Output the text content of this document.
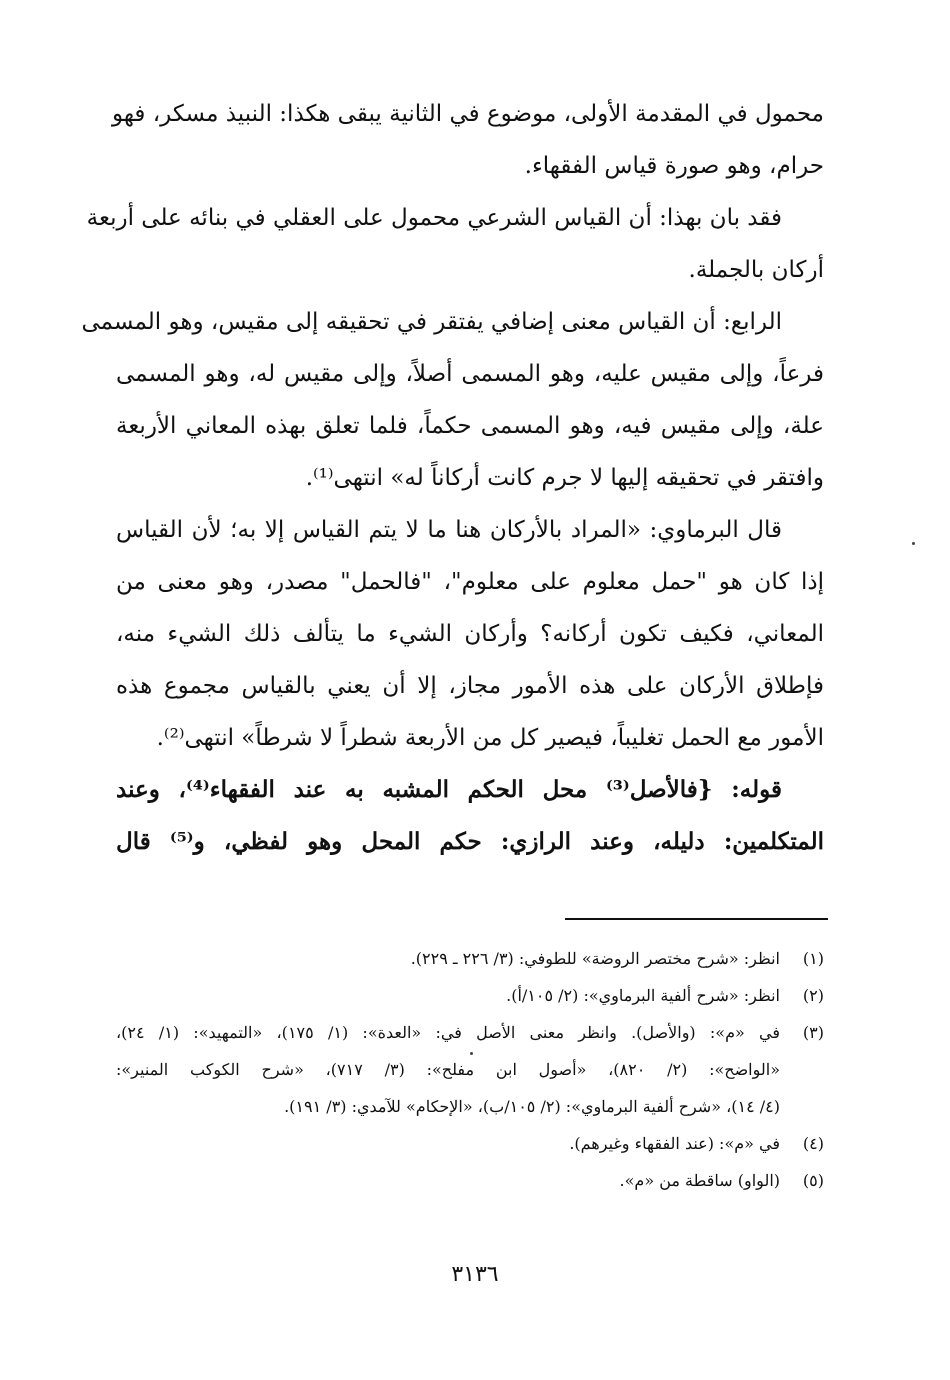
محمول في المقدمة الأولى، موضوع في الثانية يبقى هكذا: النبيذ مسكر، فهو
حرام، وهو صورة قياس الفقهاء.
فقد بان بهذا: أن القياس الشرعي محمول على العقلي في بنائه على أربعة
أركان بالجملة.
الرابع: أن القياس معنى إضافي يفتقر في تحقيقه إلى مقيس، وهو المسمى
فرعاً، وإلى مقيس عليه، وهو المسمى أصلاً، وإلى مقيس له، وهو المسمى
علة، وإلى مقيس فيه، وهو المسمى حكماً، فلما تعلق بهذه المعاني الأربعة
وافتقر في تحقيقه إليها لا جرم كانت أركاناً له» انتهى⁽¹⁾.
قال البرماوي: «المراد بالأركان هنا ما لا يتم القياس إلا به؛ لأن القياس
إذا كان هو "حمل معلوم على معلوم"، "فالحمل" مصدر، وهو معنى من
المعاني، فكيف تكون أركانه؟ وأركان الشيء ما يتألف ذلك الشيء منه،
فإطلاق الأركان على هذه الأمور مجاز، إلا أن يعني بالقياس مجموع هذه
الأمور مع الحمل تغليباً، فيصير كل من الأربعة شطراً لا شرطاً» انتهى⁽²⁾.
قوله: {فالأصل⁽³⁾ محل الحكم المشبه به عند الفقهاء⁽⁴⁾، وعند
المتكلمين: دليله، وعند الرازي: حكم المحل وهو لفظي، و⁽⁵⁾ قال
(١)
انظر: «شرح مختصر الروضة» للطوفي: (٣/ ٢٢٦ ـ ٢٢٩).
(٢)
انظر: «شرح ألفية البرماوي»: (٢/ ١٠٥/أ).
(٣)
في «م»: (والأصل). وانظر معنى الأصل في: «العدة»: (١/ ١٧٥)، «التمهيد»: (١/ ٢٤)،
«الواضح»: (٢/ ٨٢٠)، «أصول ابن مفلح»: (٣/ ٧١٧)، «شرح الكوكب المنير»:
(٤/ ١٤)، «شرح ألفية البرماوي»: (٢/ ١٠٥/ب)، «الإحكام» للآمدي: (٣/ ١٩١).
(٤)
في «م»: (عند الفقهاء وغيرهم).
(٥)
(الواو) ساقطة من «م».
٣١٣٦
